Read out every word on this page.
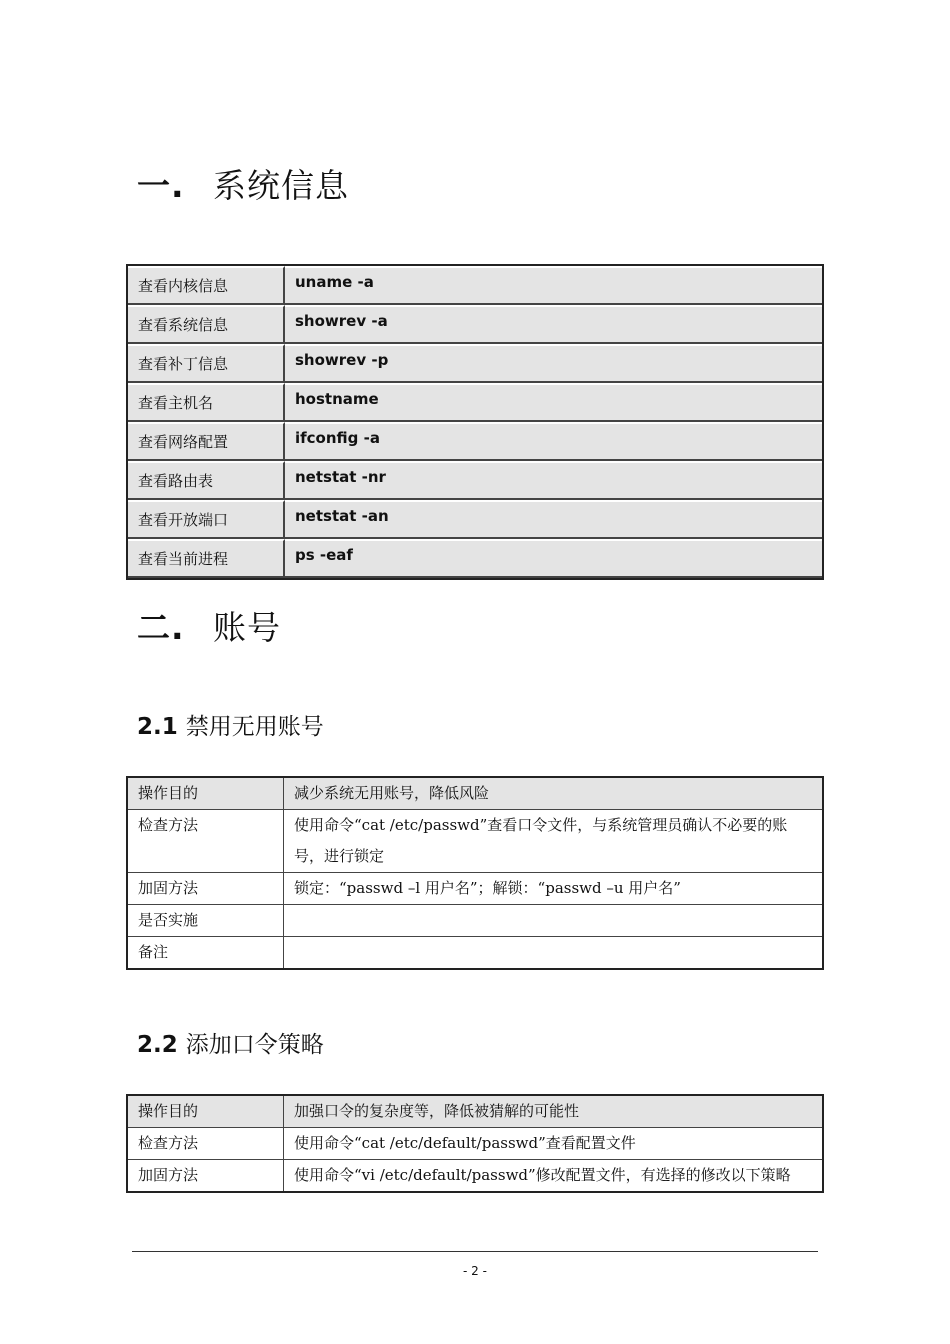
一. 系统信息
查看内核信息	uname -a
查看系统信息	showrev -a
查看补丁信息	showrev -p
查看主机名	hostname
查看网络配置	ifconfig -a
查看路由表	netstat -nr
查看开放端口	netstat -an
查看当前进程	ps -eaf
二. 账号
2.1 禁用无用账号
操作目的	减少系统无用账号，降低风险
检查方法	使用命令“cat /etc/passwd”查看口令文件，与系统管理员确认不必要的账号，进行锁定
加固方法	锁定：“passwd –l 用户名”；解锁：“passwd –u 用户名”
是否实施	
备注	
2.2 添加口令策略
操作目的	加强口令的复杂度等，降低被猜解的可能性
检查方法	使用命令“cat /etc/default/passwd”查看配置文件
加固方法	使用命令“vi /etc/default/passwd”修改配置文件，有选择的修改以下策略
- 2 -
